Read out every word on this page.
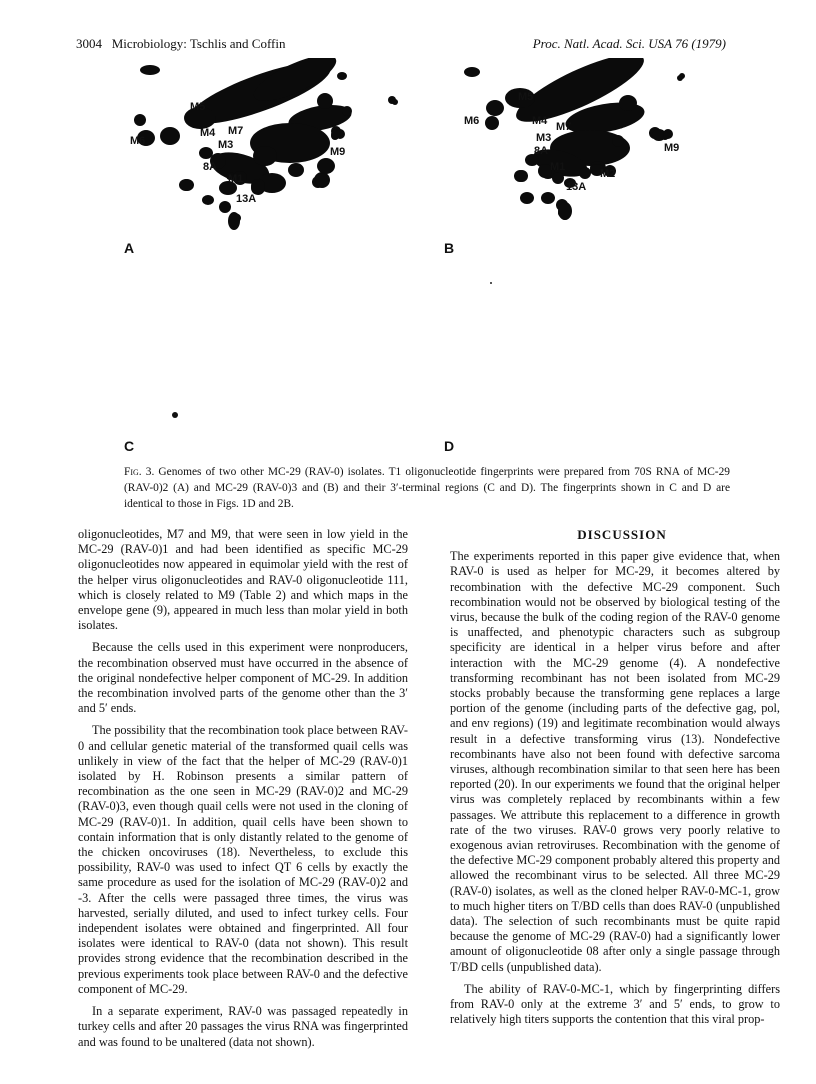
3004   Microbiology: Tschlis and Coffin	Proc. Natl. Acad. Sci. USA 76 (1979)
M5
M6
M4 M7
M3
M9
8A
M1
13A
A
M5
M6	M4
M3
M7
8A	M9
M1
M2
13A
B
C	D
Fig. 3. Genomes of two other MC-29 (RAV-0) isolates. T1 oligonucleotide fingerprints were prepared from 70S RNA of MC-29 (RAV-0)2 (A) and MC-29 (RAV-0)3 and (B) and their 3′-terminal regions (C and D). The fingerprints shown in C and D are identical to those in Figs. 1D and 2B.

oligonucleotides, M7 and M9, that were seen in low yield in the MC-29 (RAV-0)1 and had been identified as specific MC-29 oligonucleotides now appeared in equimolar yield with the rest of the helper virus oligonucleotides and RAV-0 oligonucleotide 111, which is closely related to M9 (Table 2) and which maps in the envelope gene (9), appeared in much less than molar yield in both isolates.

Because the cells used in this experiment were nonproducers, the recombination observed must have occurred in the absence of the original nondefective helper component of MC-29. In addition the recombination involved parts of the genome other than the 3′ and 5′ ends.

The possibility that the recombination took place between RAV-0 and cellular genetic material of the transformed quail cells was unlikely in view of the fact that the helper of MC-29 (RAV-0)1 isolated by H. Robinson presents a similar pattern of recombination as the one seen in MC-29 (RAV-0)2 and MC-29 (RAV-0)3, even though quail cells were not used in the cloning of MC-29 (RAV-0)1. In addition, quail cells have been shown to contain information that is only distantly related to the genome of the chicken oncoviruses (18). Nevertheless, to exclude this possibility, RAV-0 was used to infect QT 6 cells by exactly the same procedure as used for the isolation of MC-29 (RAV-0)2 and -3. After the cells were passaged three times, the virus was harvested, serially diluted, and used to infect turkey cells. Four independent isolates were obtained and fingerprinted. All four isolates were identical to RAV-0 (data not shown). This result provides strong evidence that the recombination described in the previous experiments took place between RAV-0 and the defective component of MC-29.

In a separate experiment, RAV-0 was passaged repeatedly in turkey cells and after 20 passages the virus RNA was fingerprinted and was found to be unaltered (data not shown).

DISCUSSION

The experiments reported in this paper give evidence that, when RAV-0 is used as helper for MC-29, it becomes altered by recombination with the defective MC-29 component. Such recombination would not be observed by biological testing of the virus, because the bulk of the coding region of the RAV-0 genome is unaffected, and phenotypic characters such as subgroup specificity are identical in a helper virus before and after interaction with the MC-29 genome (4). A nondefective transforming recombinant has not been isolated from MC-29 stocks probably because the transforming gene replaces a large portion of the genome (including parts of the defective gag, pol, and env regions) (19) and legitimate recombination would always result in a defective transforming virus (13). Nondefective recombinants have also not been found with defective sarcoma viruses, although recombination similar to that seen here has been reported (20). In our experiments we found that the original helper virus was completely replaced by recombinants within a few passages. We attribute this replacement to a difference in growth rate of the two viruses. RAV-0 grows very poorly relative to exogenous avian retroviruses. Recombination with the genome of the defective MC-29 component probably altered this property and allowed the recombinant virus to be selected. All three MC-29 (RAV-0) isolates, as well as the cloned helper RAV-0-MC-1, grow to much higher titers on T/BD cells than does RAV-0 (unpublished data). The selection of such recombinants must be quite rapid because the genome of MC-29 (RAV-0) had a significantly lower amount of oligonucleotide 08 after only a single passage through T/BD cells (unpublished data).

The ability of RAV-0-MC-1, which by fingerprinting differs from RAV-0 only at the extreme 3′ and 5′ ends, to grow to relatively high titers supports the contention that this viral prop-
